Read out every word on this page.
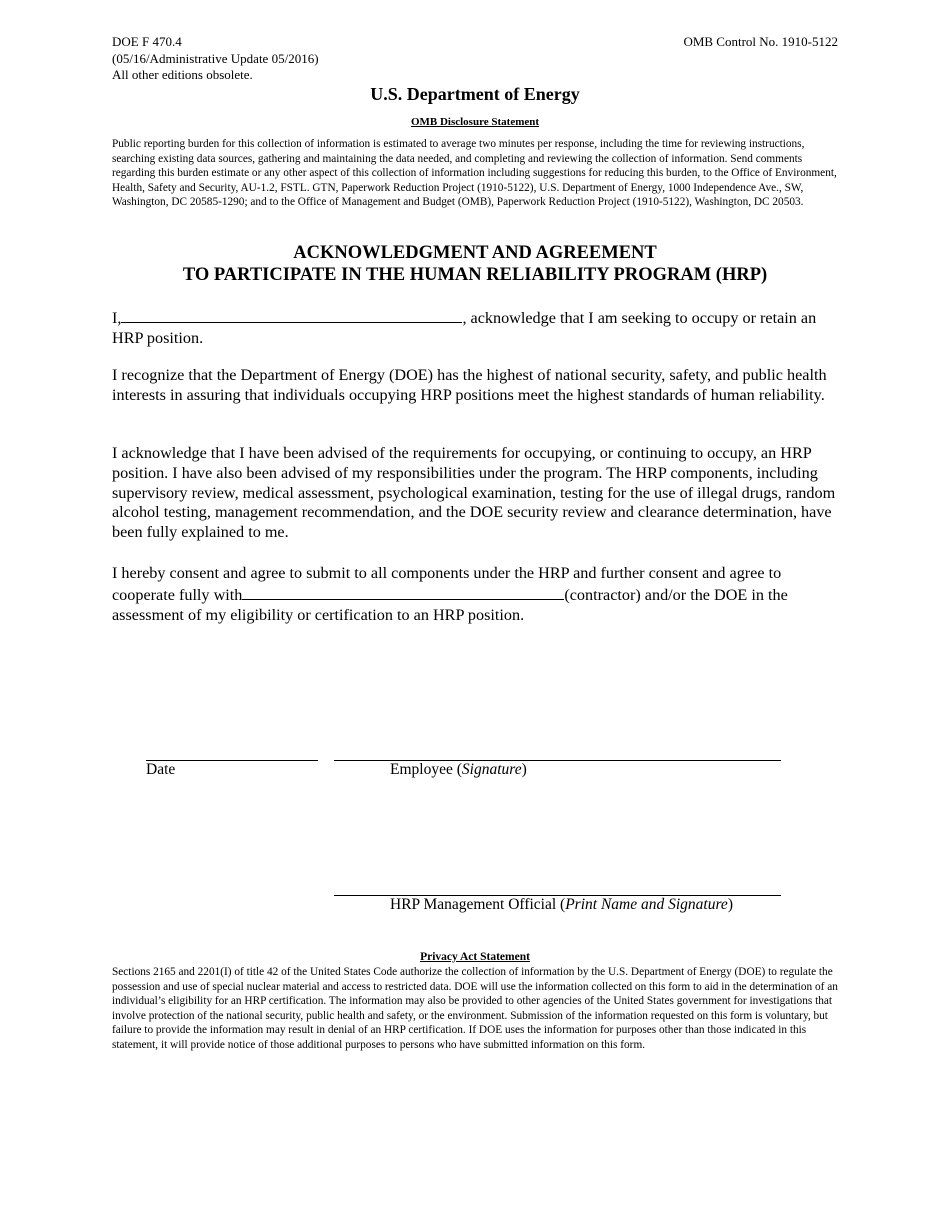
DOE F 470.4
(05/16/Administrative Update 05/2016)
All other editions obsolete.
OMB Control No. 1910-5122
U.S. Department of Energy
OMB Disclosure Statement
Public reporting burden for this collection of information is estimated to average two minutes per response, including the time for reviewing instructions, searching existing data sources, gathering and maintaining the data needed, and completing and reviewing the collection of information. Send comments regarding this burden estimate or any other aspect of this collection of information including suggestions for reducing this burden, to the Office of Environment, Health, Safety and Security, AU-1.2, FSTL. GTN, Paperwork Reduction Project (1910-5122), U.S. Department of Energy, 1000 Independence Ave., SW, Washington, DC 20585-1290; and to the Office of Management and Budget (OMB), Paperwork Reduction Project (1910-5122), Washington, DC 20503.
ACKNOWLEDGMENT AND AGREEMENT
TO PARTICIPATE IN THE HUMAN RELIABILITY PROGRAM (HRP)
I,	, acknowledge that I am seeking to occupy or retain an HRP position.
I recognize that the Department of Energy (DOE) has the highest of national security, safety, and public health interests in assuring that individuals occupying HRP positions meet the highest standards of human reliability.
I acknowledge that I have been advised of the requirements for occupying, or continuing to occupy, an HRP position. I have also been advised of my responsibilities under the program. The HRP components, including supervisory review, medical assessment, psychological examination, testing for the use of illegal drugs, random alcohol testing, management recommendation, and the DOE security review and clearance determination, have been fully explained to me.
I hereby consent and agree to submit to all components under the HRP and further consent and agree to cooperate fully with	(contractor) and/or the DOE in the assessment of my eligibility or certification to an HRP position.
Date	Employee (Signature)
HRP Management Official (Print Name and Signature)
Privacy Act Statement
Sections 2165 and 2201(I) of title 42 of the United States Code authorize the collection of information by the U.S. Department of Energy (DOE) to regulate the possession and use of special nuclear material and access to restricted data. DOE will use the information collected on this form to aid in the determination of an individual’s eligibility for an HRP certification. The information may also be provided to other agencies of the United States government for investigations that involve protection of the national security, public health and safety, or the environment. Submission of the information requested on this form is voluntary, but failure to provide the information may result in denial of an HRP certification. If DOE uses the information for purposes other than those indicated in this statement, it will provide notice of those additional purposes to persons who have submitted information on this form.
